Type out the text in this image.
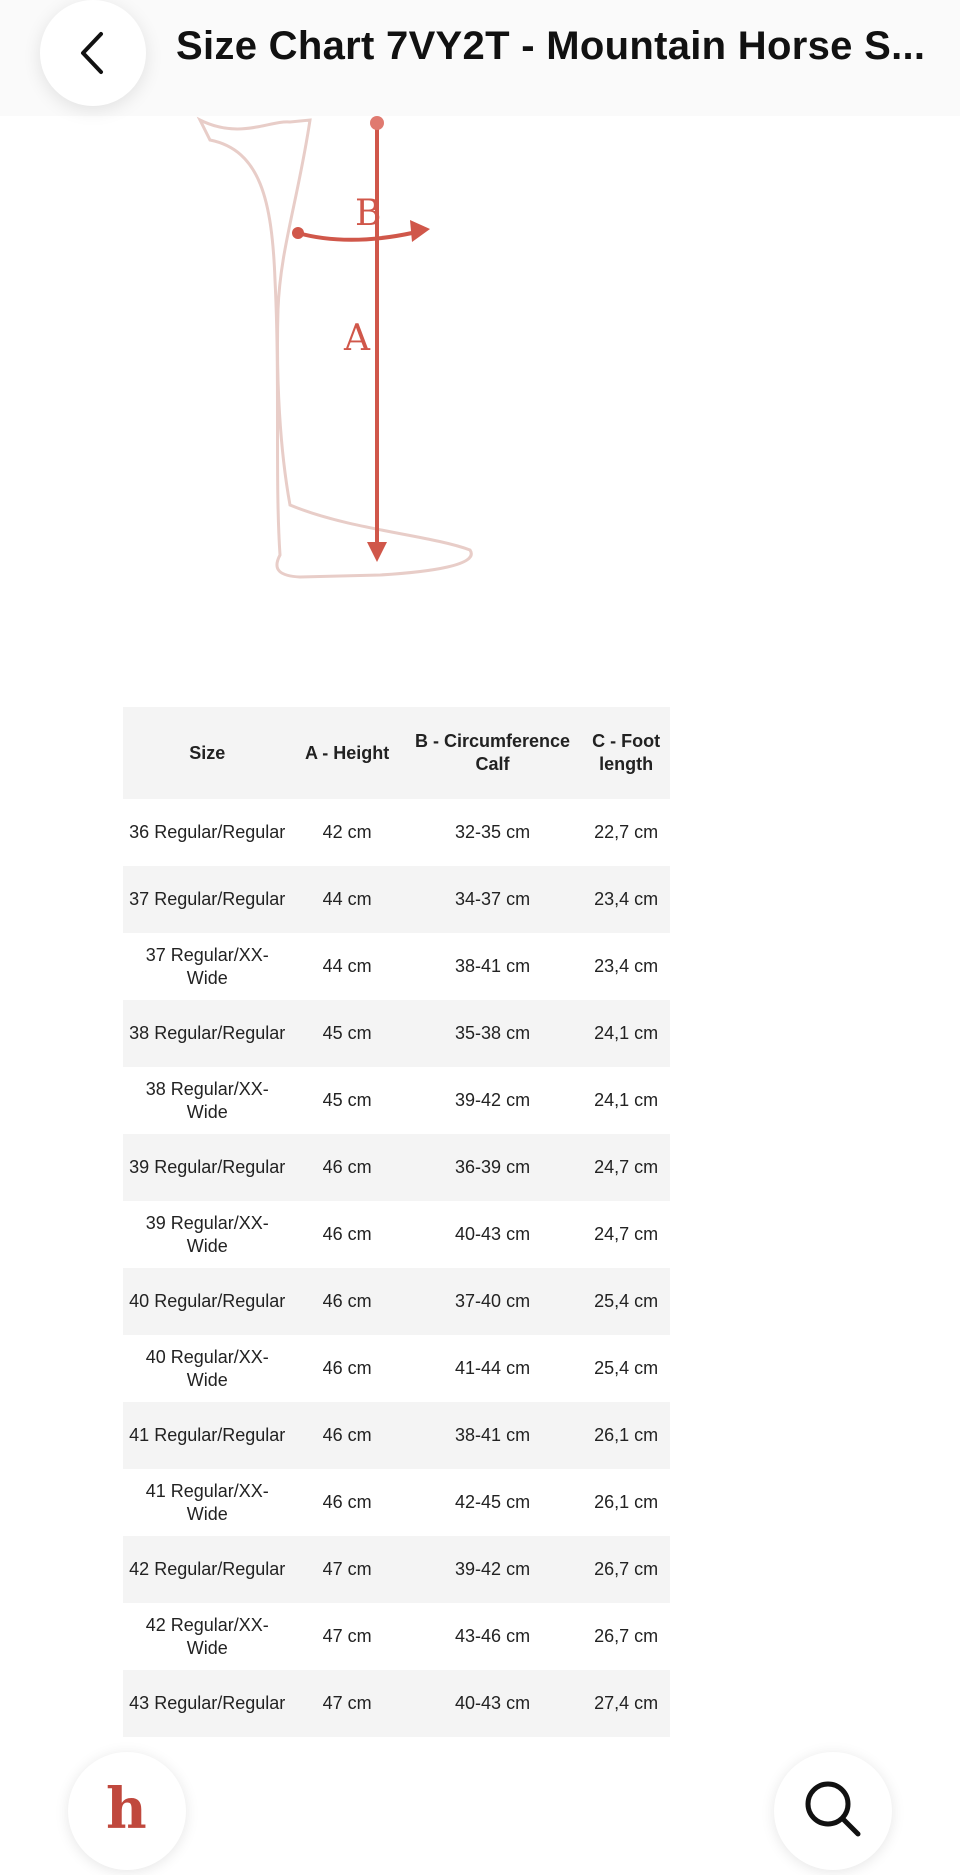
Size Chart 7VY2T - Mountain Horse S...
B
A
Size	A - Height	B - Circumference Calf	C - Foot length
36 Regular/Regular	42 cm	32-35 cm	22,7 cm
37 Regular/Regular	44 cm	34-37 cm	23,4 cm
37 Regular/XX-Wide	44 cm	38-41 cm	23,4 cm
38 Regular/Regular	45 cm	35-38 cm	24,1 cm
38 Regular/XX-Wide	45 cm	39-42 cm	24,1 cm
39 Regular/Regular	46 cm	36-39 cm	24,7 cm
39 Regular/XX-Wide	46 cm	40-43 cm	24,7 cm
40 Regular/Regular	46 cm	37-40 cm	25,4 cm
40 Regular/XX-Wide	46 cm	41-44 cm	25,4 cm
41 Regular/Regular	46 cm	38-41 cm	26,1 cm
41 Regular/XX-Wide	46 cm	42-45 cm	26,1 cm
42 Regular/Regular	47 cm	39-42 cm	26,7 cm
42 Regular/XX-Wide	47 cm	43-46 cm	26,7 cm
43 Regular/Regular	47 cm	40-43 cm	27,4 cm
h
